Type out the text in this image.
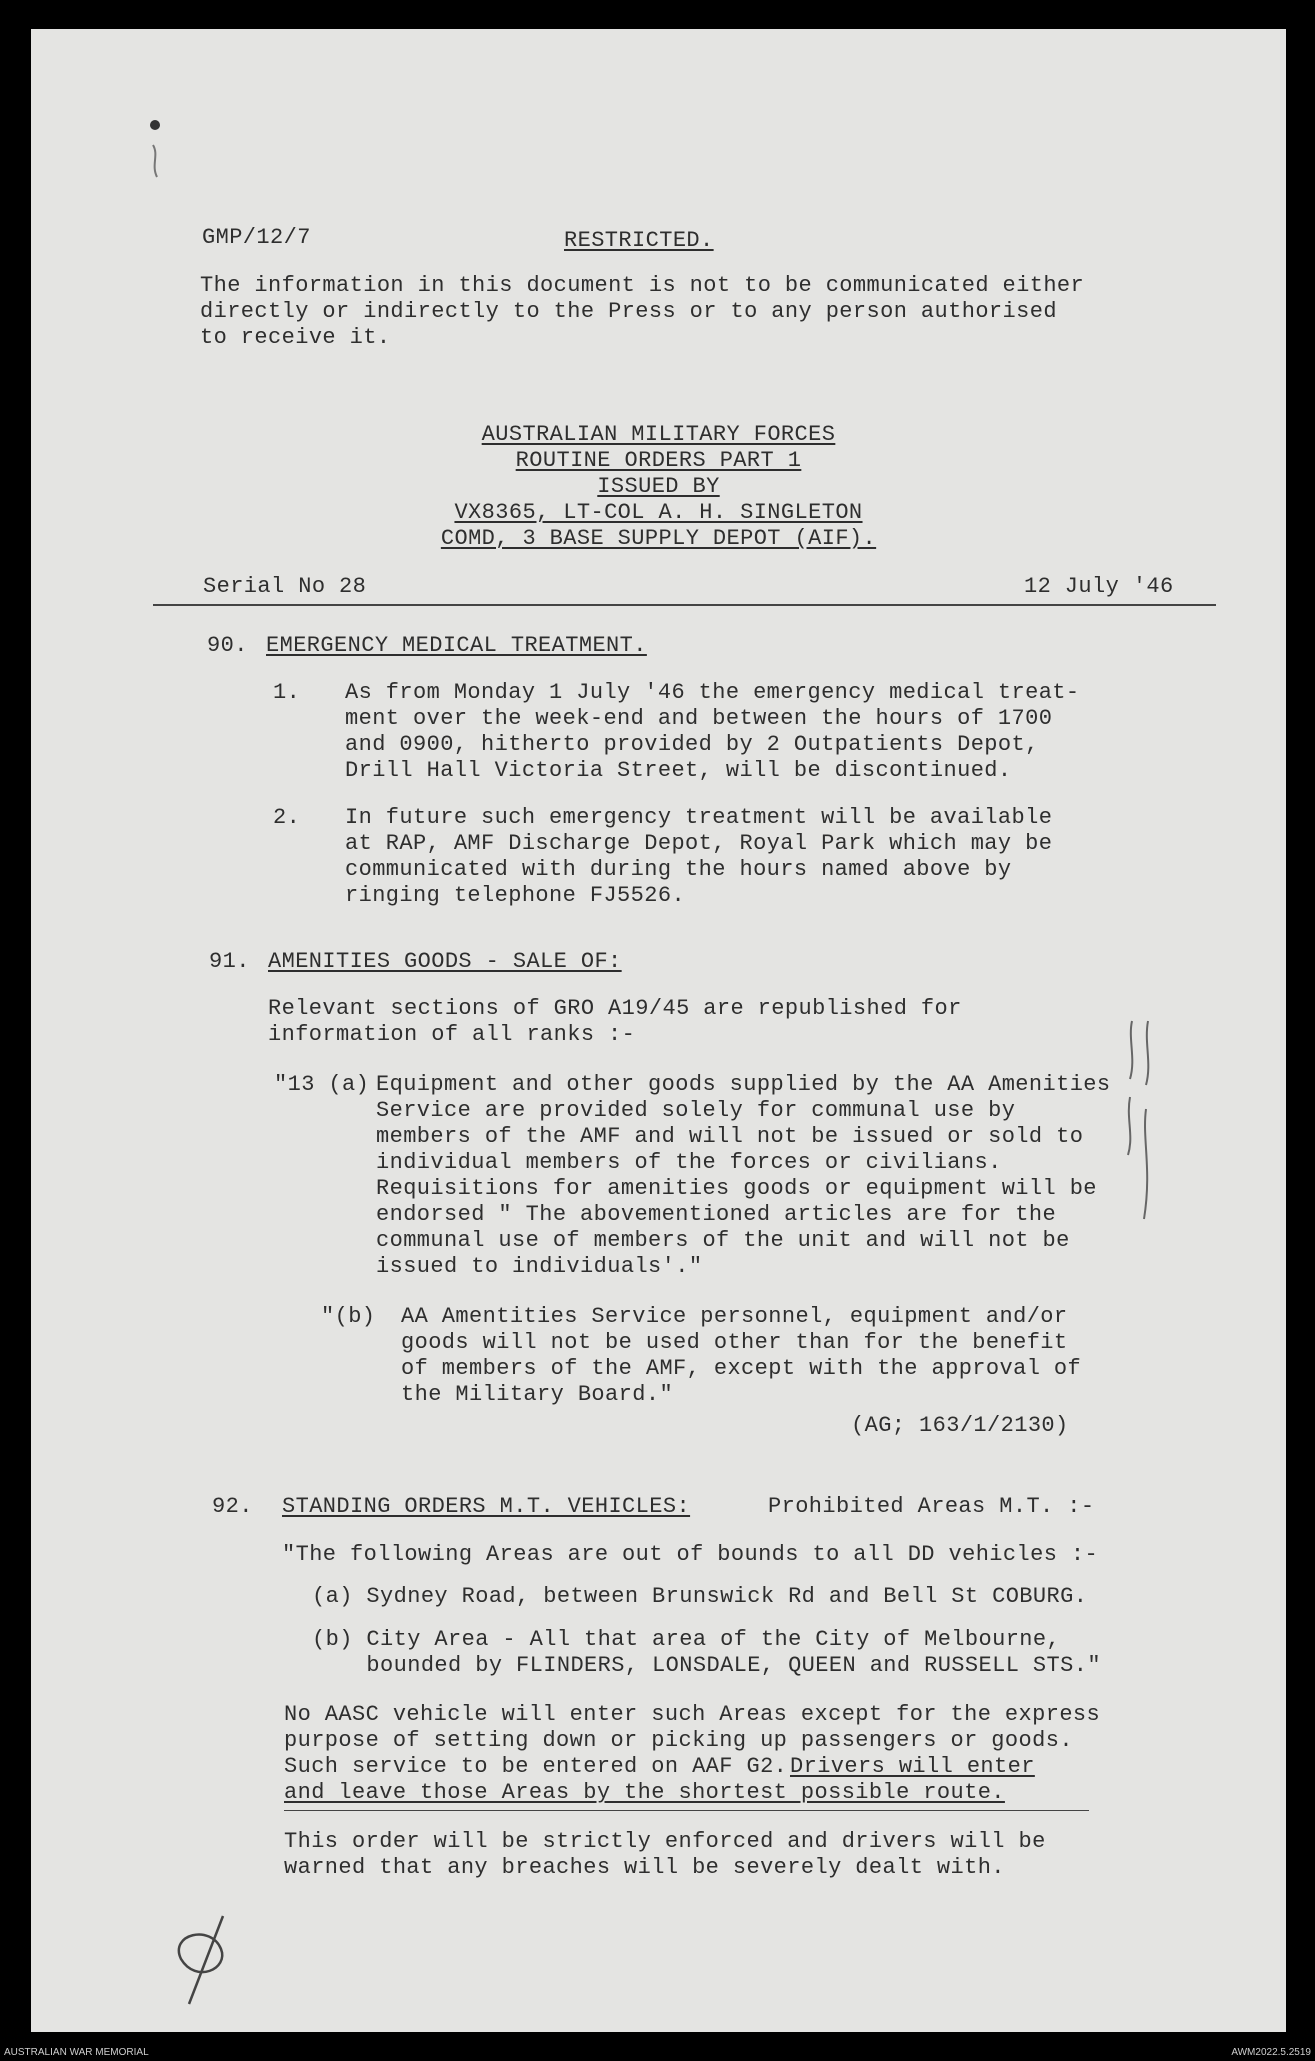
GMP/12/7	RESTRICTED.
The information in this document is not to be communicated either
directly or indirectly to the Press or to any person authorised
to receive it.
AUSTRALIAN MILITARY FORCES
ROUTINE ORDERS PART 1
ISSUED BY
VX8365, LT-COL A. H. SINGLETON
COMD, 3 BASE SUPPLY DEPOT (AIF).
Serial No 28	12 July '46
90. EMERGENCY MEDICAL TREATMENT.
1. As from Monday 1 July '46 the emergency medical treat-
ment over the week-end and between the hours of 1700
and 0900, hitherto provided by 2 Outpatients Depot,
Drill Hall Victoria Street, will be discontinued.
2. In future such emergency treatment will be available
at RAP, AMF Discharge Depot, Royal Park which may be
communicated with during the hours named above by
ringing telephone FJ5526.
91. AMENITIES GOODS - SALE OF:
Relevant sections of GRO A19/45 are republished for
information of all ranks :-
"13 (a) Equipment and other goods supplied by the AA Amenities
Service are provided solely for communal use by
members of the AMF and will not be issued or sold to
individual members of the forces or civilians.
Requisitions for amenities goods or equipment will be
endorsed " The abovementioned articles are for the
communal use of members of the unit and will not be
issued to individuals'."
"(b) AA Amentities Service personnel, equipment and/or
goods will not be used other than for the benefit
of members of the AMF, except with the approval of
the Military Board."
(AG; 163/1/2130)
92. STANDING ORDERS M.T. VEHICLES:	Prohibited Areas M.T. :-
"The following Areas are out of bounds to all DD vehicles :-
(a) Sydney Road, between Brunswick Rd and Bell St COBURG.
(b) City Area - All that area of the City of Melbourne,
bounded by FLINDERS, LONSDALE, QUEEN and RUSSELL STS."
No AASC vehicle will enter such Areas except for the express
purpose of setting down or picking up passengers or goods.
Such service to be entered on AAF G2. Drivers will enter
and leave those Areas by the shortest possible route.
This order will be strictly enforced and drivers will be
warned that any breaches will be severely dealt with.
AUSTRALIAN WAR MEMORIAL	AWM2022.5.2519
